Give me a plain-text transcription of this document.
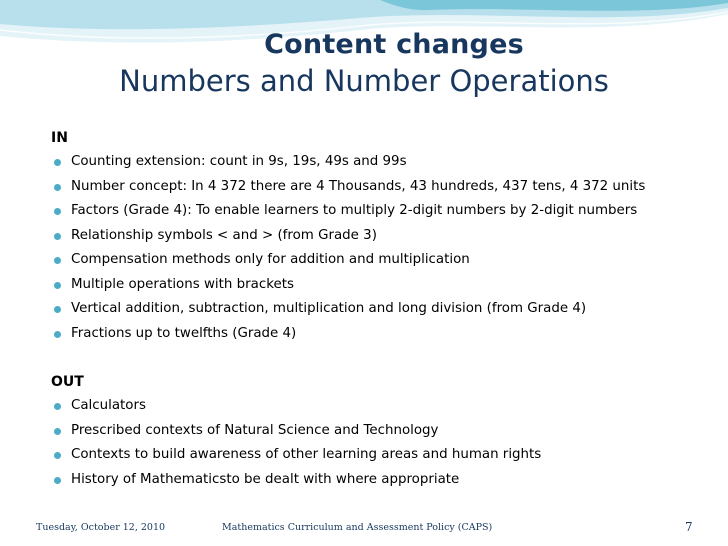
Content changes
Numbers and Number Operations
IN
Counting extension: count in 9s, 19s, 49s and 99s
Number concept: In 4 372 there are 4 Thousands, 43 hundreds, 437 tens, 4 372 units
Factors (Grade 4): To enable learners to multiply 2-digit numbers by 2-digit numbers
Relationship symbols < and > (from Grade 3)
Compensation methods only for addition and multiplication
Multiple operations with brackets
Vertical addition, subtraction, multiplication and long division (from Grade 4)
Fractions up to twelfths (Grade 4)
OUT
Calculators
Prescribed contexts of Natural Science and Technology
Contexts to build awareness of other learning areas and human rights
History of Mathematicsto be dealt with where appropriate
Tuesday, October 12, 2010	Mathematics Curriculum and Assessment Policy (CAPS)	7
